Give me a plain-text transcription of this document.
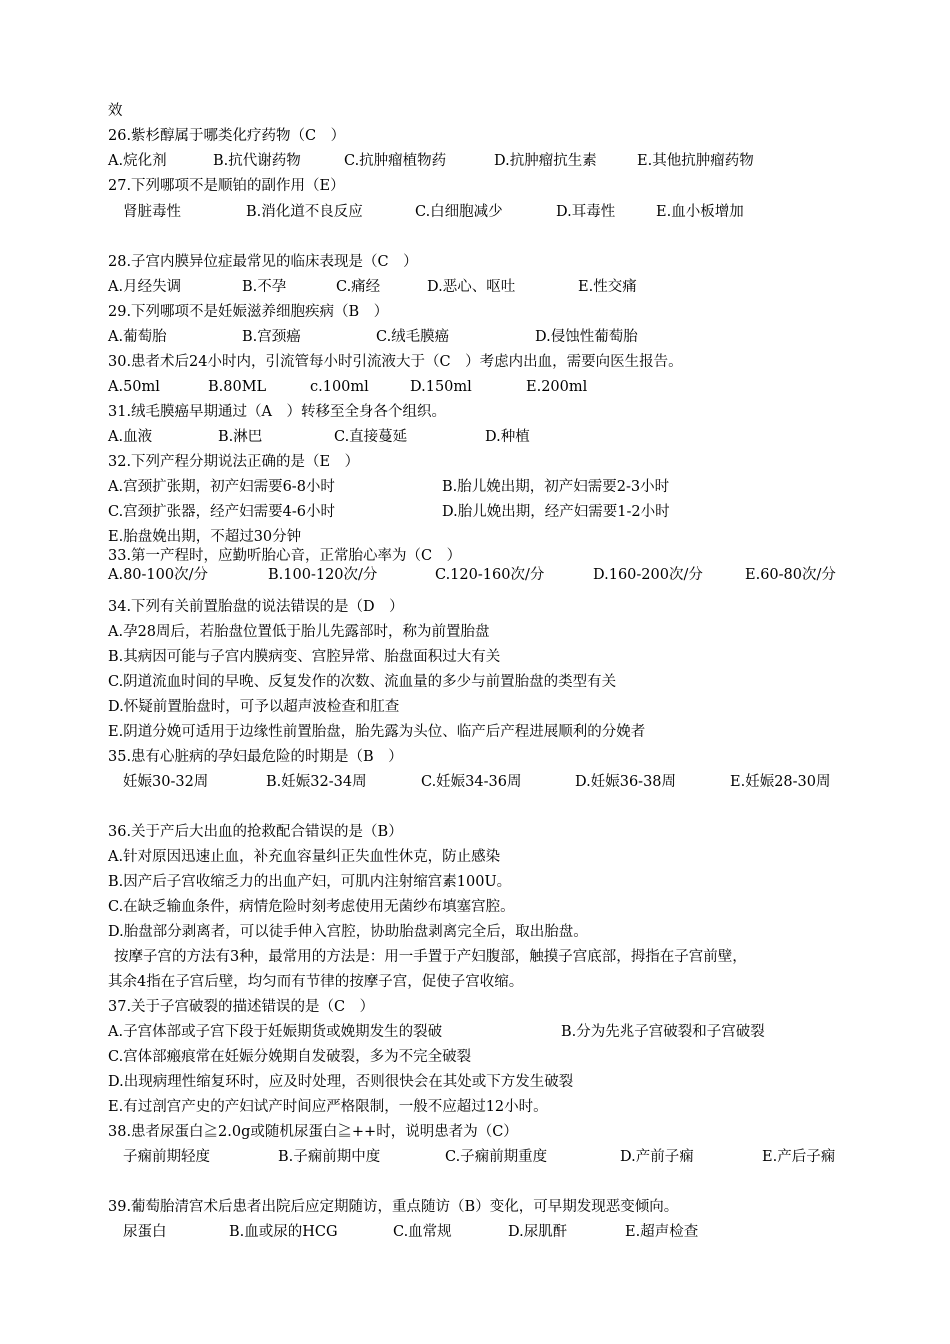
效
26.紫杉醇属于哪类化疗药物（C　）
A.烷化剂	B.抗代谢药物	C.抗肿瘤植物药	D.抗肿瘤抗生素	E.其他抗肿瘤药物
27.下列哪项不是顺铂的副作用（E）
肾脏毒性	B.消化道不良反应	C.白细胞减少	D.耳毒性	E.血小板增加
28.子宫内膜异位症最常见的临床表现是（C　）
A.月经失调	B.不孕	C.痛经	D.恶心、呕吐	E.性交痛
29.下列哪项不是妊娠滋养细胞疾病（B　）
A.葡萄胎	B.宫颈癌	C.绒毛膜癌	D.侵蚀性葡萄胎
30.患者术后24小时内，引流管每小时引流液大于（C　）考虑内出血，需要向医生报告。
A.50ml	B.80ML	c.100ml	D.150ml	E.200ml
31.绒毛膜癌早期通过（A　）转移至全身各个组织。
A.血液	B.淋巴	C.直接蔓延	D.种植
32.下列产程分期说法正确的是（E　）
A.宫颈扩张期，初产妇需要6-8小时	B.胎儿娩出期，初产妇需要2-3小时
C.宫颈扩张器，经产妇需要4-6小时	D.胎儿娩出期，经产妇需要1-2小时
E.胎盘娩出期，不超过30分钟
33.第一产程时，应勤听胎心音，正常胎心率为（C　）
A.80-100次/分	B.100-120次/分	C.120-160次/分	D.160-200次/分	E.60-80次/分
34.下列有关前置胎盘的说法错误的是（D　）
A.孕28周后，若胎盘位置低于胎儿先露部时，称为前置胎盘
B.其病因可能与子宫内膜病变、宫腔异常、胎盘面积过大有关
C.阴道流血时间的早晚、反复发作的次数、流血量的多少与前置胎盘的类型有关
D.怀疑前置胎盘时，可予以超声波检查和肛查
E.阴道分娩可适用于边缘性前置胎盘，胎先露为头位、临产后产程进展顺利的分娩者
35.患有心脏病的孕妇最危险的时期是（B　）
妊娠30-32周	B.妊娠32-34周	C.妊娠34-36周	D.妊娠36-38周	E.妊娠28-30周
36.关于产后大出血的抢救配合错误的是（B）
A.针对原因迅速止血，补充血容量纠正失血性休克，防止感染
B.因产后子宫收缩乏力的出血产妇，可肌内注射缩宫素100U。
C.在缺乏输血条件，病情危险时刻考虑使用无菌纱布填塞宫腔。
D.胎盘部分剥离者，可以徒手伸入宫腔，协助胎盘剥离完全后，取出胎盘。
按摩子宫的方法有3种，最常用的方法是：用一手置于产妇腹部，触摸子宫底部，拇指在子宫前壁，
其余4指在子宫后壁，均匀而有节律的按摩子宫，促使子宫收缩。
37.关于子宫破裂的描述错误的是（C　）
A.子宫体部或子宫下段于妊娠期货或娩期发生的裂破	B.分为先兆子宫破裂和子宫破裂
C.宫体部瘢痕常在妊娠分娩期自发破裂，多为不完全破裂
D.出现病理性缩复环时，应及时处理，否则很快会在其处或下方发生破裂
E.有过剖宫产史的产妇试产时间应严格限制，一般不应超过12小时。
38.患者尿蛋白≧2.0g或随机尿蛋白≧++时，说明患者为（C）
子痫前期轻度	B.子痫前期中度	C.子痫前期重度	D.产前子痫	E.产后子痫
39.葡萄胎清宫术后患者出院后应定期随访，重点随访（B）变化，可早期发现恶变倾向。
尿蛋白	B.血或尿的HCG	C.血常规	D.尿肌酐	E.超声检查
